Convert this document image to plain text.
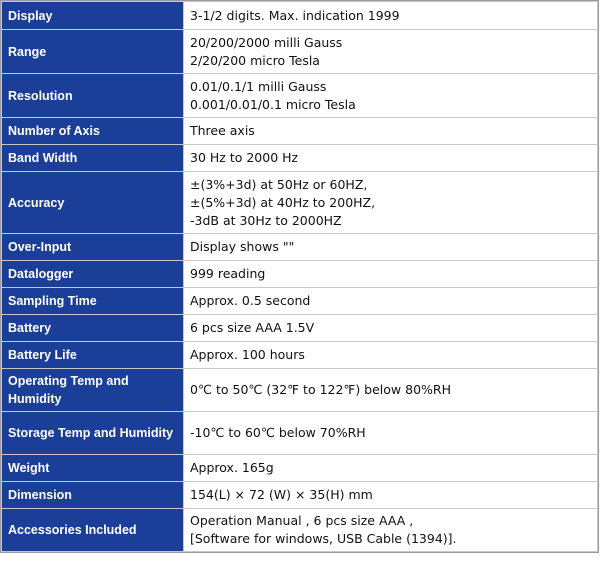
Display	3-1/2 digits. Max. indication 1999

Range	20/200/2000 milli Gauss
2/20/200 micro Tesla

Resolution	0.01/0.1/1 milli Gauss
0.001/0.01/0.1 micro Tesla

Number of Axis	Three axis

Band Width	30 Hz to 2000 Hz

Accuracy	±(3%+3d) at 50Hz or 60HZ,
±(5%+3d) at 40Hz to 200HZ,
-3dB at 30Hz to 2000HZ

Over-Input	Display shows ""

Datalogger	999 reading

Sampling Time	Approx. 0.5 second

Battery	6 pcs size AAA 1.5V

Battery Life	Approx. 100 hours

Operating Temp and Humidity	0℃ to 50℃ (32℉ to 122℉) below 80%RH

Storage Temp and Humidity	-10℃ to 60℃ below 70%RH

Weight	Approx. 165g

Dimension	154(L) × 72 (W) × 35(H) mm

Accessories Included	Operation Manual , 6 pcs size AAA ,
[Software for windows, USB Cable (1394)].
